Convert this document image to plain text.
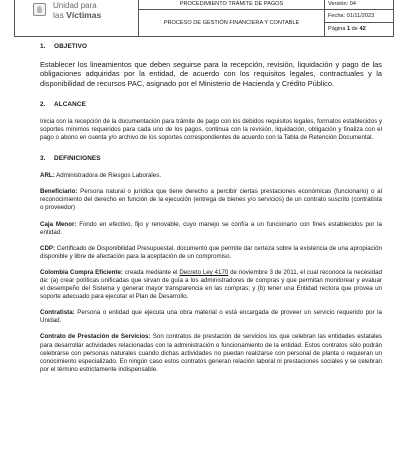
Unidad para
las Víctimas
PROCEDIMIENTO TRÁMITE DE PAGOS
PROCESO DE GESTIÓN FINANCIERA Y CONTABLE
Versión: 04
Fecha: 01/11/2023
Página 1 de 42
1. OBJETIVO
Establecer los lineamientos que deben seguirse para la recepción, revisión, liquidación y pago de las obligaciones adquiridas por la entidad, de acuerdo con los requisitos legales, contractuales y la disponibilidad de recursos PAC, asignado por el Ministerio de Hacienda y Crédito Público.
2. ALCANCE
Inicia con la recepción de la documentación para trámite de pago con los debidos requisitos legales, formatos establecidos y soportes mínimos requeridos para cada uno de los pagos, continua con la revisión, liquidación, obligación y finaliza con el pago o abono en cuenta y/o archivo de los soportes correspondientes de acuerdo con la Tabla de Retención Documental.
3. DEFINICIONES
ARL: Administradora de Riesgos Laborales.
Beneficiario: Persona natural o jurídica que tiene derecho a percibir ciertas prestaciones económicas (funcionario) o al reconocimiento del derecho en función de la ejecución (entrega de bienes y/o servicios) de un contrato suscrito (contratista o proveedor)
Caja Menor: Fondo en efectivo, fijo y renovable, cuyo manejo se confía a un funcionario con fines establecidos por la entidad.
CDP: Certificado de Disponibilidad Presupuestal, documento que permite dar certeza sobre la existencia de una apropiación disponible y libre de afectación para la aceptación de un compromiso.
Colombia Compra Eficiente: creada mediante el Decreto Ley 4170 de noviembre 3 de 2011, el cual reconoce la necesidad de: (a) crear políticas unificadas que sirvan de guía a los administradores de compras y que permitan monitorear y evaluar el desempeño del Sistema y generar mayor transparencia en las compras; y (b) tener una Entidad rectora que provea un soporte adecuado para ejecutar el Plan de Desarrollo.
Contratista: Persona o entidad que ejecuta una obra material o está encargada de proveer un servicio requerido por la Unidad.
Contrato de Prestación de Servicios: Son contratos de prestación de servicios los que celebran las entidades estatales para desarrollar actividades relacionadas con la administración o funcionamiento de la entidad. Estos contratos sólo podrán celebrarse con personas naturales cuando dichas actividades no puedan realizarse con personal de planta o requieran un conocimiento especializado. En ningún caso estos contratos generan relación laboral ni prestaciones sociales y se celebran por el término estrictamente indispensable.
